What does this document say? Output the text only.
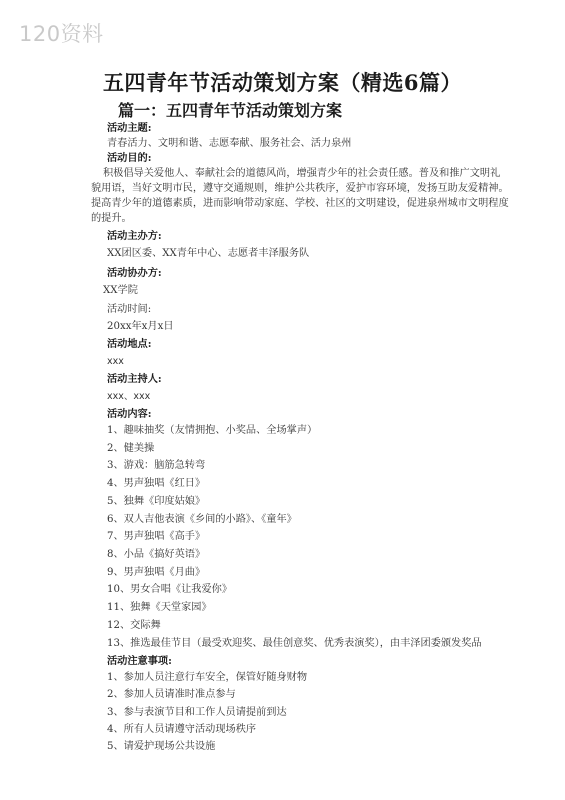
120资料
五四青年节活动策划方案（精选6篇）
篇一：五四青年节活动策划方案
活动主题:
青春活力、文明和谐、志愿奉献、服务社会、活力泉州
活动目的:
积极倡导关爱他人、奉献社会的道德风尚，增强青少年的社会责任感。普及和推广文明礼貌用语，当好文明市民，遵守交通规则，维护公共秩序，爱护市容环境，发扬互助友爱精神。提高青少年的道德素质，进而影响带动家庭、学校、社区的文明建设，促进泉州城市文明程度的提升。
活动主办方:
XX团区委、XX青年中心、志愿者丰泽服务队
活动协办方:
XX学院
活动时间:
20xx年x月x日
活动地点:
xxx
活动主持人:
xxx、xxx
活动内容:
1、趣味抽奖（友情拥抱、小奖品、全场掌声）
2、健美操
3、游戏：脑筋急转弯
4、男声独唱《红日》
5、独舞《印度姑娘》
6、双人吉他表演《乡间的小路》、《童年》
7、男声独唱《高手》
8、小品《搞好英语》
9、男声独唱《月曲》
10、男女合唱《让我爱你》
11、独舞《天堂家园》
12、交际舞
13、推选最佳节目（最受欢迎奖、最佳创意奖、优秀表演奖），由丰泽团委颁发奖品
活动注意事项:
1、参加人员注意行车安全，保管好随身财物
2、参加人员请准时准点参与
3、参与表演节目和工作人员请提前到达
4、所有人员请遵守活动现场秩序
5、请爱护现场公共设施
